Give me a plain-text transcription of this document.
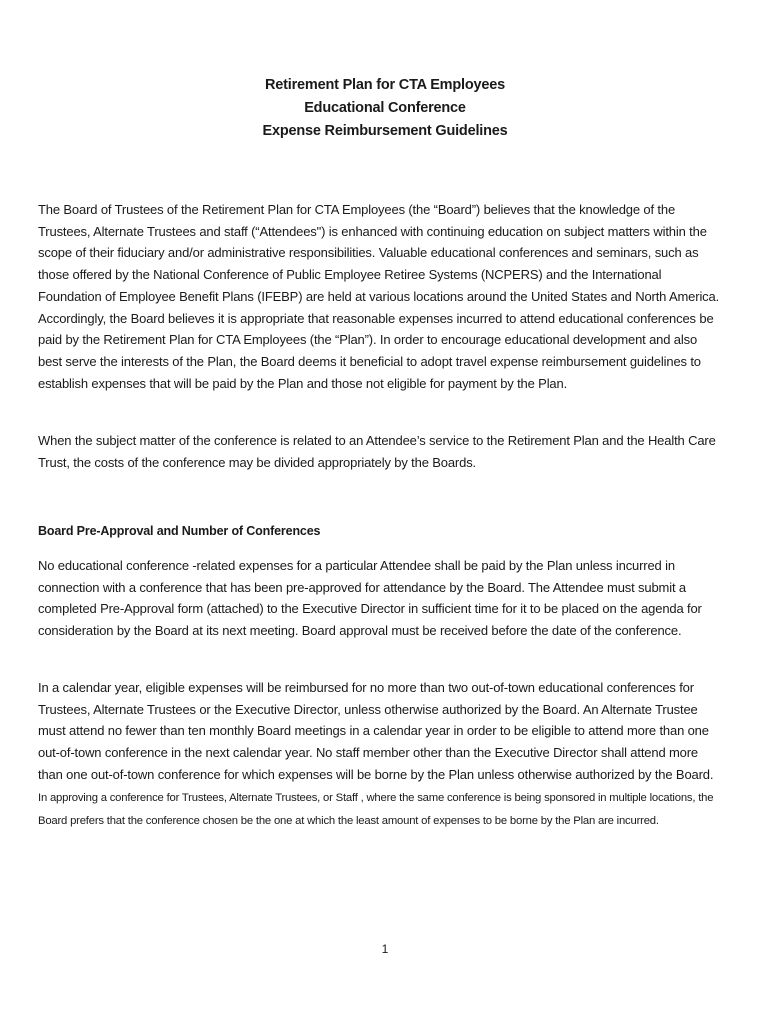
Retirement Plan for CTA Employees
Educational Conference
Expense Reimbursement Guidelines

The Board of Trustees of the Retirement Plan for CTA Employees (the “Board”) believes that the knowledge of the Trustees, Alternate Trustees and staff (“Attendees") is enhanced with continuing education on subject matters within the scope of their fiduciary and/or administrative responsibilities. Valuable educational conferences and seminars, such as those offered by the National Conference of Public Employee Retiree Systems (NCPERS) and the International Foundation of Employee Benefit Plans (IFEBP) are held at various locations around the United States and North America. Accordingly, the Board believes it is appropriate that reasonable expenses incurred to attend educational conferences be paid by the Retirement Plan for CTA Employees (the “Plan”). In order to encourage educational development and also best serve the interests of the Plan, the Board deems it beneficial to adopt travel expense reimbursement guidelines to establish expenses that will be paid by the Plan and those not eligible for payment by the Plan.

When the subject matter of the conference is related to an Attendee’s service to the Retirement Plan and the Health Care Trust, the costs of the conference may be divided appropriately by the Boards.

Board Pre-Approval and Number of Conferences

No educational conference -related expenses for a particular Attendee shall be paid by the Plan unless incurred in connection with a conference that has been pre-approved for attendance by the Board. The Attendee must submit a completed Pre-Approval form (attached) to the Executive Director in sufficient time for it to be placed on the agenda for consideration by the Board at its next meeting. Board approval must be received before the date of the conference.

In a calendar year, eligible expenses will be reimbursed for no more than two out-of-town educational conferences for Trustees, Alternate Trustees or the Executive Director, unless otherwise authorized by the Board. An Alternate Trustee must attend no fewer than ten monthly Board meetings in a calendar year in order to be eligible to attend more than one out-of-town conference in the next calendar year. No staff member other than the Executive Director shall attend more than one out-of-town conference for which expenses will be borne by the Plan unless otherwise authorized by the Board. In approving a conference for Trustees, Alternate Trustees, or Staff , where the same conference is being sponsored in multiple locations, the Board prefers that the conference chosen be the one at which the least amount of expenses to be borne by the Plan are incurred.

1
